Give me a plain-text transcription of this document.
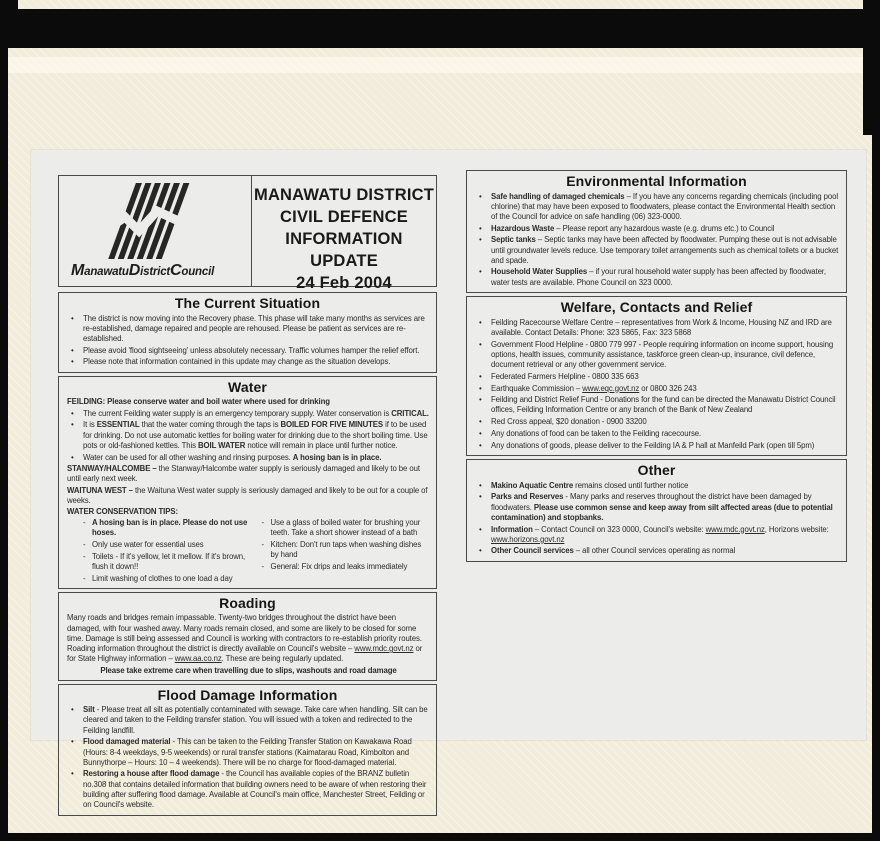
ManawatuDistrictCouncil
MANAWATU DISTRICT
CIVIL DEFENCE
INFORMATION
UPDATE
24 Feb 2004
The Current Situation
•	The district is now moving into the Recovery phase. This phase will take many months as services are re-established, damage repaired and people are rehoused. Please be patient as services are re-established.
•	Please avoid 'flood sightseeing' unless absolutely necessary. Traffic volumes hamper the relief effort.
•	Please note that information contained in this update may change as the situation develops.
Water
FEILDING: Please conserve water and boil water where used for drinking
•	The current Feilding water supply is an emergency temporary supply. Water conservation is CRITICAL.
•	It is ESSENTIAL that the water coming through the taps is BOILED FOR FIVE MINUTES if to be used for drinking. Do not use automatic kettles for boiling water for drinking due to the short boiling time. Use pots or old-fashioned kettles. This BOIL WATER notice will remain in place until further notice.
•	Water can be used for all other washing and rinsing purposes. A hosing ban is in place.
STANWAY/HALCOMBE – the Stanway/Halcombe water supply is seriously damaged and likely to be out until early next week.
WAITUNA WEST – the Waituna West water supply is seriously damaged and likely to be out for a couple of weeks.
WATER CONSERVATION TIPS:
- A hosing ban is in place. Please do not use hoses.
- Only use water for essential uses
- Toilets - If it's yellow, let it mellow. If it's brown, flush it down!!
- Limit washing of clothes to one load a day
- Use a glass of boiled water for brushing your teeth. Take a short shower instead of a bath
- Kitchen: Don't run taps when washing dishes by hand
- General: Fix drips and leaks immediately
Roading
Many roads and bridges remain impassable. Twenty-two bridges throughout the district have been damaged, with four washed away. Many roads remain closed, and some are likely to be closed for some time. Damage is still being assessed and Council is working with contractors to re-establish priority routes. Roading information throughout the district is directly available on Council's website – www.mdc.govt.nz or for State Highway information – www.aa.co.nz. These are being regularly updated.
Please take extreme care when travelling due to slips, washouts and road damage
Flood Damage Information
•	Silt - Please treat all silt as potentially contaminated with sewage. Take care when handling. Silt can be cleared and taken to the Feilding transfer station. You will issued with a token and redirected to the Feilding landfill.
•	Flood damaged material - This can be taken to the Feilding Transfer Station on Kawakawa Road (Hours: 8-4 weekdays, 9-5 weekends) or rural transfer stations (Kaimatarau Road, Kimbolton and Bunnythorpe – Hours: 10 – 4 weekends). There will be no charge for flood-damaged material.
•	Restoring a house after flood damage - the Council has available copies of the BRANZ bulletin no.308 that contains detailed information that building owners need to be aware of when restoring their building after suffering flood damage. Available at Council's main office, Manchester Street, Feilding or on Council's website.
Environmental Information
•	Safe handling of damaged chemicals – If you have any concerns regarding chemicals (including pool chlorine) that may have been exposed to floodwaters, please contact the Environmental Health section of the Council for advice on safe handling (06) 323-0000.
•	Hazardous Waste – Please report any hazardous waste (e.g. drums etc.) to Council
•	Septic tanks – Septic tanks may have been affected by floodwater. Pumping these out is not advisable until groundwater levels reduce. Use temporary toilet arrangements such as chemical toilets or a bucket and spade.
•	Household Water Supplies – if your rural household water supply has been affected by floodwater, water tests are available. Phone Council on 323 0000.
Welfare, Contacts and Relief
•	Feilding Racecourse Welfare Centre – representatives from Work & Income, Housing NZ and IRD are available. Contact Details: Phone: 323 5865, Fax: 323 5868
•	Government Flood Helpline - 0800 779 997 - People requiring information on income support, housing options, health issues, community assistance, taskforce green clean-up, insurance, civil defence, document retrieval or any other government service.
•	Federated Farmers Helpline - 0800 335 663
•	Earthquake Commission – www.eqc.govt.nz or 0800 326 243
•	Feilding and District Relief Fund - Donations for the fund can be directed the Manawatu District Council offices, Feilding Information Centre or any branch of the Bank of New Zealand
•	Red Cross appeal, $20 donation - 0900 33200
•	Any donations of food can be taken to the Feilding racecourse.
•	Any donations of goods, please deliver to the Feilding IA & P hall at Manfeild Park (open till 5pm)
Other
•	Makino Aquatic Centre remains closed until further notice
•	Parks and Reserves - Many parks and reserves throughout the district have been damaged by floodwaters. Please use common sense and keep away from silt affected areas (due to potential contamination) and stopbanks.
•	Information – Contact Council on 323 0000, Council's website: www.mdc.govt.nz, Horizons website: www.horizons.govt.nz
•	Other Council services – all other Council services operating as normal
